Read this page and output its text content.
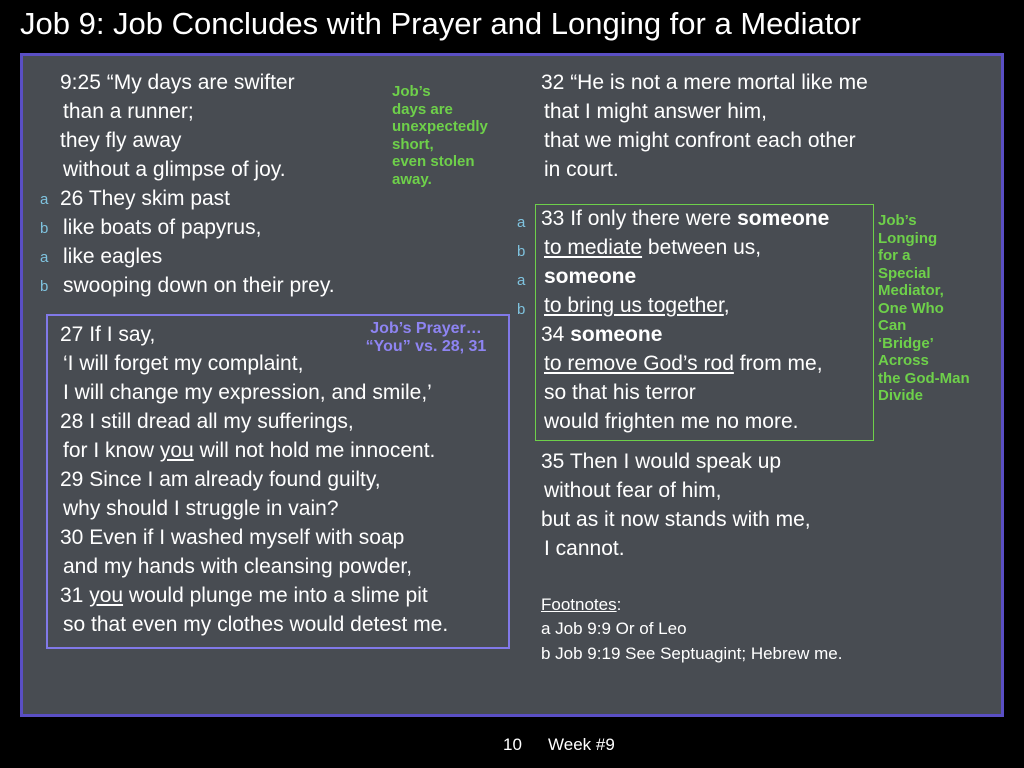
Job 9: Job Concludes with Prayer and Longing for a Mediator
9:25 “My days are swifter
than a runner;
they fly away
without a glimpse of joy.
a 26 They skim past
b like boats of papyrus,
a like eagles
b swooping down on their prey.
Job’s
days are
unexpectedly
short,
even stolen
away.
Job’s Prayer…
“You” vs. 28, 31
27 If I say,
‘I will forget my complaint,
I will change my expression, and smile,’
28 I still dread all my sufferings,
for I know you will not hold me innocent.
29 Since I am already found guilty,
why should I struggle in vain?
30 Even if I washed myself with soap
and my hands with cleansing powder,
31 you would plunge me into a slime pit
so that even my clothes would detest me.
32 “He is not a mere mortal like me
that I might answer him,
that we might confront each other
in court.
a 33 If only there were someone
b to mediate between us,
a someone
b to bring us together,
34 someone
to remove God’s rod from me,
so that his terror
would frighten me no more.
Job’s
Longing
for a
Special
Mediator,
One Who
Can
‘Bridge’
Across
the God-Man
Divide
35 Then I would speak up
without fear of him,
but as it now stands with me,
I cannot.
Footnotes:
a Job 9:9 Or of Leo
b Job 9:19 See Septuagint; Hebrew me.
10 Week #9
